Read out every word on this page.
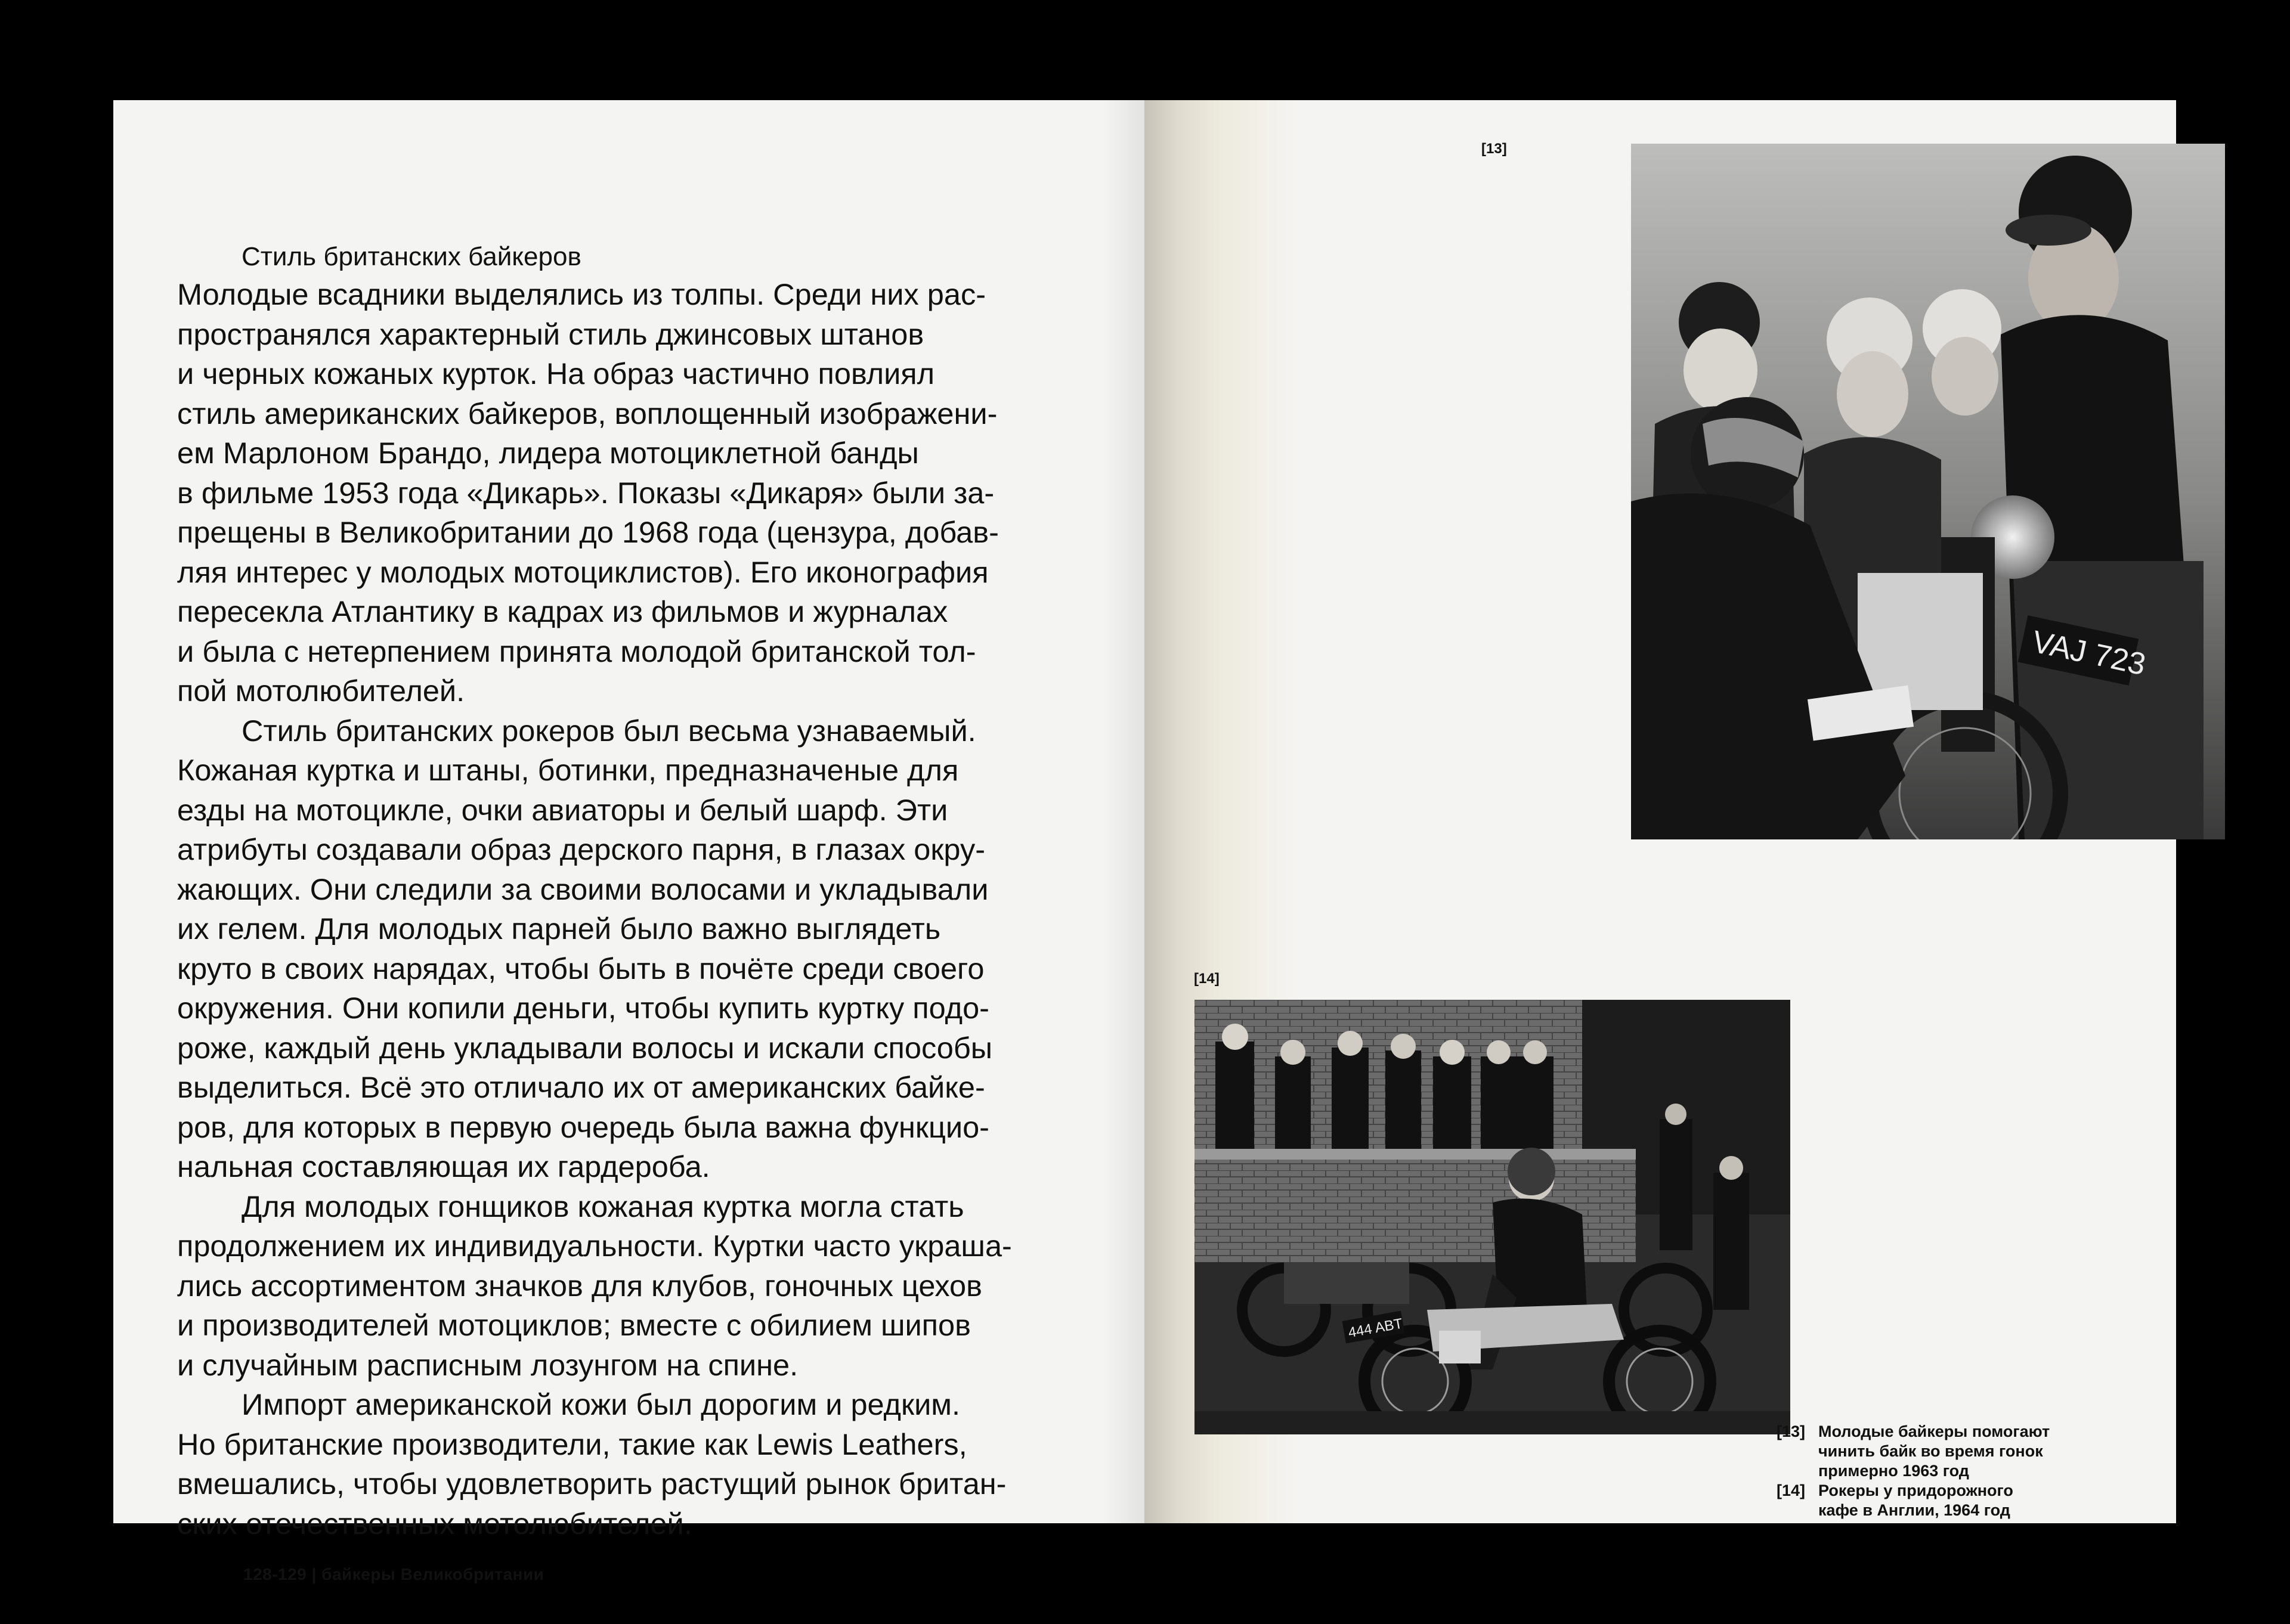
Стиль британских байкеров
Молодые всадники выделялись из толпы. Среди них рас-
пространялся характерный стиль джинсовых штанов
и черных кожаных курток. На образ частично повлиял
стиль американских байкеров, воплощенный изображени-
ем Марлоном Брандо, лидера мотоциклетной банды
в фильме 1953 года «Дикарь». Показы «Дикаря» были за-
прещены в Великобритании до 1968 года (цензура, добав-
ляя интерес у молодых мотоциклистов). Его иконография
пересекла Атлантику в кадрах из фильмов и журналах
и была с нетерпением принята молодой британской тол-
пой мотолюбителей.
Стиль британских рокеров был весьма узнаваемый.
Кожаная куртка и штаны, ботинки, предназначеные для
езды на мотоцикле, очки авиаторы и белый шарф. Эти
атрибуты создавали образ дерского парня, в глазах окру-
жающих. Они следили за своими волосами и укладывали
их гелем. Для молодых парней было важно выглядеть
круто в своих нарядах, чтобы быть в почёте среди своего
окружения. Они копили деньги, чтобы купить куртку подо-
роже, каждый день укладывали волосы и искали способы
выделиться. Всё это отличало их от американских байке-
ров, для которых в первую очередь была важна функцио-
нальная составляющая их гардероба.
Для молодых гонщиков кожаная куртка могла стать
продолжением их индивидуальности. Куртки часто украша-
лись ассортиментом значков для клубов, гоночных цехов
и производителей мотоциклов; вместе с обилием шипов
и случайным расписным лозунгом на спине.
Импорт американской кожи был дорогим и редким.
Но британские производители, такие как Lewis Leathers,
вмешались, чтобы удовлетворить растущий рынок британ-
ских отечественных мотолюбителей.
128-129 | байкеры Великобритании
[13]
VAJ 723
[14]
444 ABT
[13] Молодые байкеры помогают чинить байк во время гонок примерно 1963 год
[14] Рокеры у придорожного кафе в Англии, 1964 год
